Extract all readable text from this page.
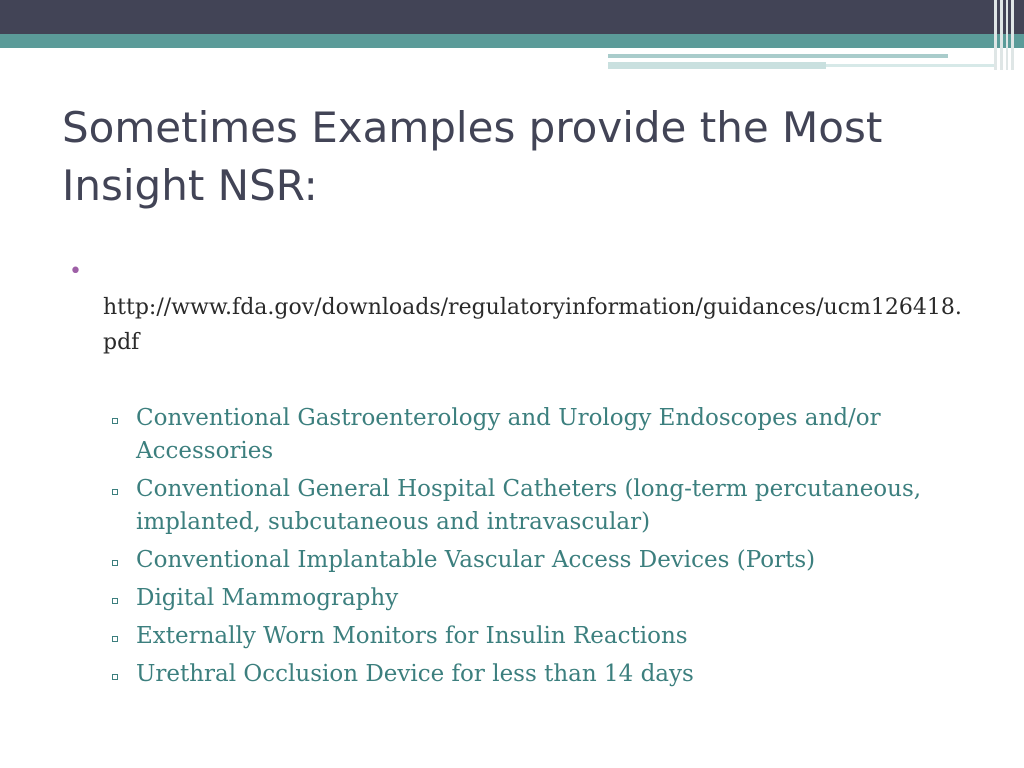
Sometimes Examples provide the Most Insight NSR:
•

http://www.fda.gov/downloads/regulatoryinformation/guidances/ucm126418.pdf

Conventional Gastroenterology and Urology Endoscopes and/or Accessories
Conventional General Hospital Catheters (long-term percutaneous, implanted, subcutaneous and intravascular)
Conventional Implantable Vascular Access Devices (Ports)
Digital Mammography
Externally Worn Monitors for Insulin Reactions
Urethral Occlusion Device for less than 14 days
